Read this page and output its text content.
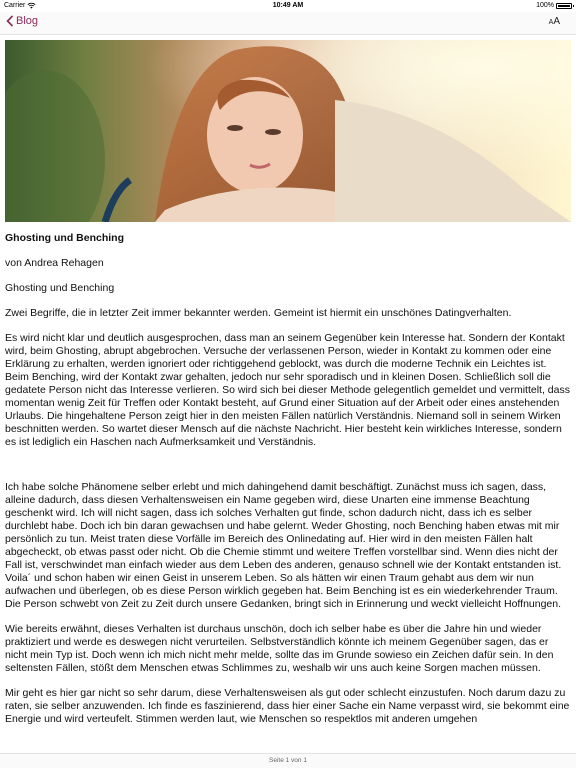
Carrier	10:49 AM	100%
Blog	AA

Ghosting und Benching

von Andrea Rehagen

Ghosting und Benching

Zwei Begriffe, die in letzter Zeit immer bekannter werden. Gemeint ist hiermit ein unschönes Datingverhalten.

Es wird nicht klar und deutlich ausgesprochen, dass man an seinem Gegenüber kein Interesse hat. Sondern der Kontakt wird, beim Ghosting, abrupt abgebrochen. Versuche der verlassenen Person, wieder in Kontakt zu kommen oder eine Erklärung zu erhalten, werden ignoriert oder richtiggehend geblockt, was durch die moderne Technik ein Leichtes ist. Beim Benching, wird der Kontakt zwar gehalten, jedoch nur sehr sporadisch und in kleinen Dosen. Schließlich soll die gedatete Person nicht das Interesse verlieren. So wird sich bei dieser Methode gelegentlich gemeldet und vermittelt, dass momentan wenig Zeit für Treffen oder Kontakt besteht, auf Grund einer Situation auf der Arbeit oder eines anstehenden Urlaubs. Die hingehaltene Person zeigt hier in den meisten Fällen natürlich Verständnis. Niemand soll in seinem Wirken beschnitten werden. So wartet dieser Mensch auf die nächste Nachricht. Hier besteht kein wirkliches Interesse, sondern es ist lediglich ein Haschen nach Aufmerksamkeit und Verständnis.

Ich habe solche Phänomene selber erlebt und mich dahingehend damit beschäftigt. Zunächst muss ich sagen, dass, alleine dadurch, dass diesen Verhaltensweisen ein Name gegeben wird, diese Unarten eine immense Beachtung geschenkt wird. Ich will nicht sagen, dass ich solches Verhalten gut finde, schon dadurch nicht, dass ich es selber durchlebt habe. Doch ich bin daran gewachsen und habe gelernt. Weder Ghosting, noch Benching haben etwas mit mir persönlich zu tun. Meist traten diese Vorfälle im Bereich des Onlinedating auf. Hier wird in den meisten Fällen halt abgecheckt, ob etwas passt oder nicht. Ob die Chemie stimmt und weitere Treffen vorstellbar sind. Wenn dies nicht der Fall ist, verschwindet man einfach wieder aus dem Leben des anderen, genauso schnell wie der Kontakt entstanden ist. Voila´ und schon haben wir einen Geist in unserem Leben. So als hätten wir einen Traum gehabt aus dem wir nun aufwachen und überlegen, ob es diese Person wirklich gegeben hat. Beim Benching ist es ein wiederkehrender Traum. Die Person schwebt von Zeit zu Zeit durch unsere Gedanken, bringt sich in Erinnerung und weckt vielleicht Hoffnungen.

Wie bereits erwähnt, dieses Verhalten ist durchaus unschön, doch ich selber habe es über die Jahre hin und wieder praktiziert und werde es deswegen nicht verurteilen. Selbstverständlich könnte ich meinem Gegenüber sagen, das er nicht mein Typ ist. Doch wenn ich mich nicht mehr melde, sollte das im Grunde sowieso ein Zeichen dafür sein. In den seltensten Fällen, stößt dem Menschen etwas Schlimmes zu, weshalb wir uns auch keine Sorgen machen müssen.

Mir geht es hier gar nicht so sehr darum, diese Verhaltensweisen als gut oder schlecht einzustufen. Noch darum dazu zu raten, sie selber anzuwenden. Ich finde es faszinierend, dass hier einer Sache ein Name verpasst wird, sie bekommt eine Energie und wird verteufelt. Stimmen werden laut, wie Menschen so respektlos mit anderen umgehen

Seite 1 von 1
